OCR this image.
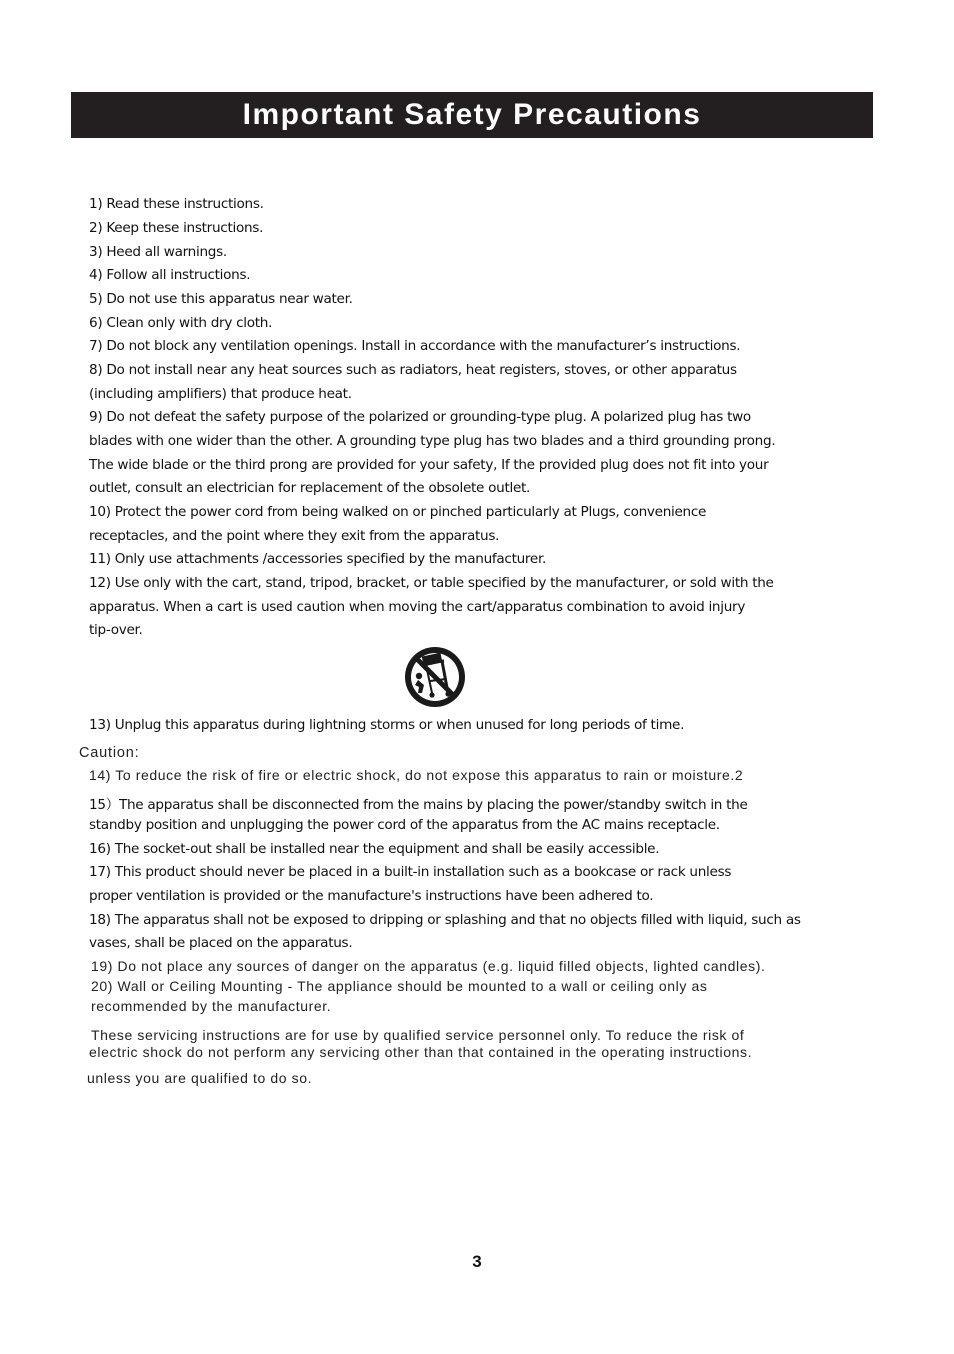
Important Safety Precautions

1) Read these instructions.

2) Keep these instructions.

3) Heed all warnings.

4) Follow all instructions.

5) Do not use this apparatus near water.

6) Clean only with dry cloth.

7) Do not block any ventilation openings. Install in accordance with the manufacturer’s instructions.

8) Do not install near any heat sources such as radiators, heat registers, stoves, or other apparatus

(including amplifiers) that produce heat.

9) Do not defeat the safety purpose of the polarized or grounding-type plug. A polarized plug has two

blades with one wider than the other. A grounding type plug has two blades and a third grounding prong.

The wide blade or the third prong are provided for your safety, If the provided plug does not fit into your

outlet, consult an electrician for replacement of the obsolete outlet.

10) Protect the power cord from being walked on or pinched particularly at Plugs, convenience

receptacles, and the point where they exit from the apparatus.

11) Only use attachments /accessories specified by the manufacturer.

12) Use only with the cart, stand, tripod, bracket, or table specified by the manufacturer, or sold with the

apparatus. When a cart is used caution when moving the cart/apparatus combination to avoid injury

tip-over.

13) Unplug this apparatus during lightning storms or when unused for long periods of time.

Caution:

14) To reduce the risk of fire or electric shock, do not expose this apparatus to rain or moisture.2

15）The apparatus shall be disconnected from the mains by placing the power/standby switch in the

standby position and unplugging the power cord of the apparatus from the AC mains receptacle.

16) The socket-out shall be installed near the equipment and shall be easily accessible.

17) This product should never be placed in a built-in installation such as a bookcase or rack unless

proper ventilation is provided or the manufacture's instructions have been adhered to.

18) The apparatus shall not be exposed to dripping or splashing and that no objects filled with liquid, such as

vases, shall be placed on the apparatus.

19) Do not place any sources of danger on the apparatus (e.g. liquid filled objects, lighted candles).

20) Wall or Ceiling Mounting - The appliance should be mounted to a wall or ceiling only as

recommended by the manufacturer.

These servicing instructions are for use by qualified service personnel only. To reduce the risk of

electric shock do not perform any servicing other than that contained in the operating instructions.

unless you are qualified to do so.

3
